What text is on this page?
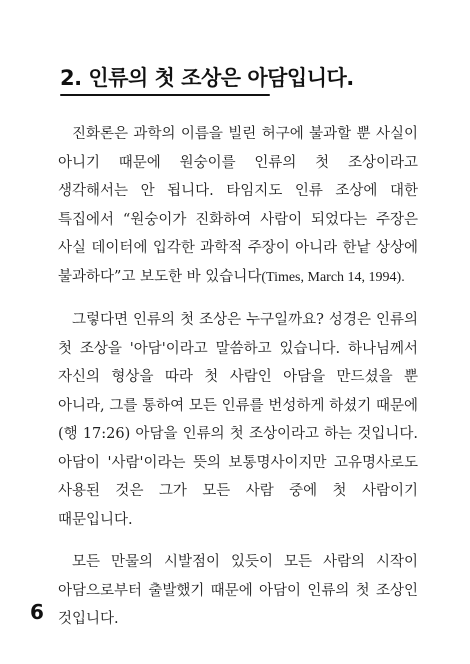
2. 인류의 첫 조상은 아담입니다.

진화론은 과학의 이름을 빌린 허구에 불과할 뿐 사실이 아니기 때문에 원숭이를 인류의 첫 조상이라고 생각해서는 안 됩니다. 타임지도 인류 조상에 대한 특집에서 “원숭이가 진화하여 사람이 되었다는 주장은 사실 데이터에 입각한 과학적 주장이 아니라 한낱 상상에 불과하다”고 보도한 바 있습니다(Times, March 14, 1994).

그렇다면 인류의 첫 조상은 누구일까요? 성경은 인류의 첫 조상을 '아담'이라고 말씀하고 있습니다. 하나님께서 자신의 형상을 따라 첫 사람인 아담을 만드셨을 뿐 아니라, 그를 통하여 모든 인류를 번성하게 하셨기 때문에(행 17:26) 아담을 인류의 첫 조상이라고 하는 것입니다. 아담이 '사람'이라는 뜻의 보통명사이지만 고유명사로도 사용된 것은 그가 모든 사람 중에 첫 사람이기 때문입니다.

모든 만물의 시발점이 있듯이 모든 사람의 시작이 아담으로부터 출발했기 때문에 아담이 인류의 첫 조상인 것입니다.

6
